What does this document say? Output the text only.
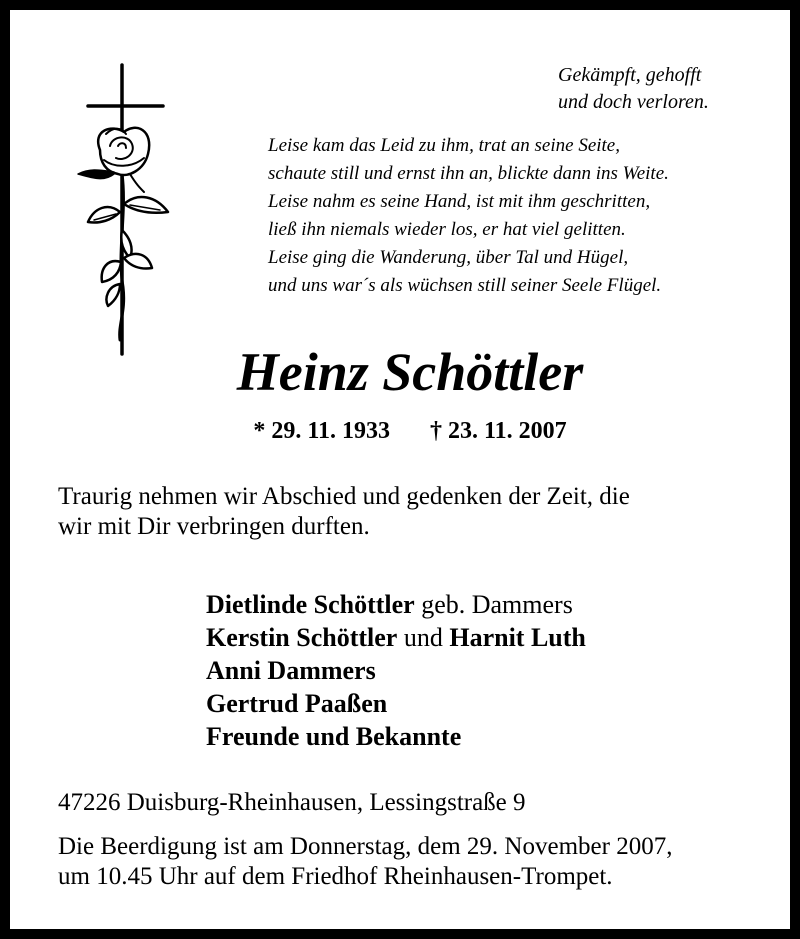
Gekämpft, gehofft
und doch verloren.
Leise kam das Leid zu ihm, trat an seine Seite,
schaute still und ernst ihn an, blickte dann ins Weite.
Leise nahm es seine Hand, ist mit ihm geschritten,
ließ ihn niemals wieder los, er hat viel gelitten.
Leise ging die Wanderung, über Tal und Hügel,
und uns war´s als wüchsen still seiner Seele Flügel.
Heinz Schöttler
* 29. 11. 1933 † 23. 11. 2007
Traurig nehmen wir Abschied und gedenken der Zeit, die
wir mit Dir verbringen durften.
Dietlinde Schöttler geb. Dammers
Kerstin Schöttler und Harnit Luth
Anni Dammers
Gertrud Paaßen
Freunde und Bekannte
47226 Duisburg-Rheinhausen, Lessingstraße 9
Die Beerdigung ist am Donnerstag, dem 29. November 2007,
um 10.45 Uhr auf dem Friedhof Rheinhausen-Trompet.
